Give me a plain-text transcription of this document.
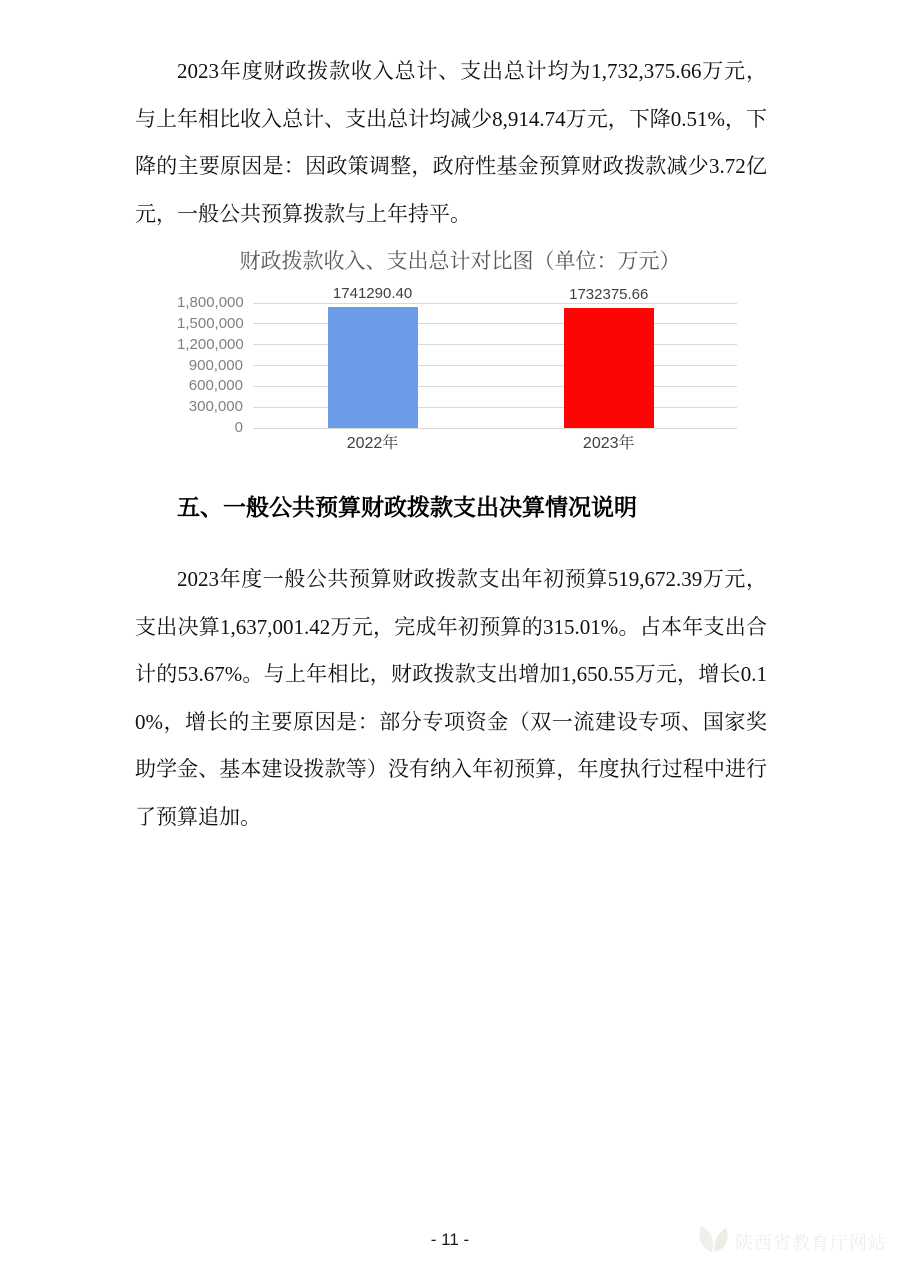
2023年度财政拨款收入总计、支出总计均为1,732,375.66万元，与上年相比收入总计、支出总计均减少8,914.74万元，下降0.51%，下降的主要原因是：因政策调整，政府性基金预算财政拨款减少3.72亿元，一般公共预算拨款与上年持平。

财政拨款收入、支出总计对比图（单位：万元）
0
300,000
600,000
900,000
1,200,000
1,500,000
1,800,000
1741290.40
2022年
1732375.66
2023年
五、一般公共预算财政拨款支出决算情况说明

2023年度一般公共预算财政拨款支出年初预算519,672.39万元，支出决算1,637,001.42万元，完成年初预算的315.01%。占本年支出合计的53.67%。与上年相比，财政拨款支出增加1,650.55万元，增长0.10%，增长的主要原因是：部分专项资金（双一流建设专项、国家奖助学金、基本建设拨款等）没有纳入年初预算，年度执行过程中进行了预算追加。

- 11 -	陕西省教育厅网站
